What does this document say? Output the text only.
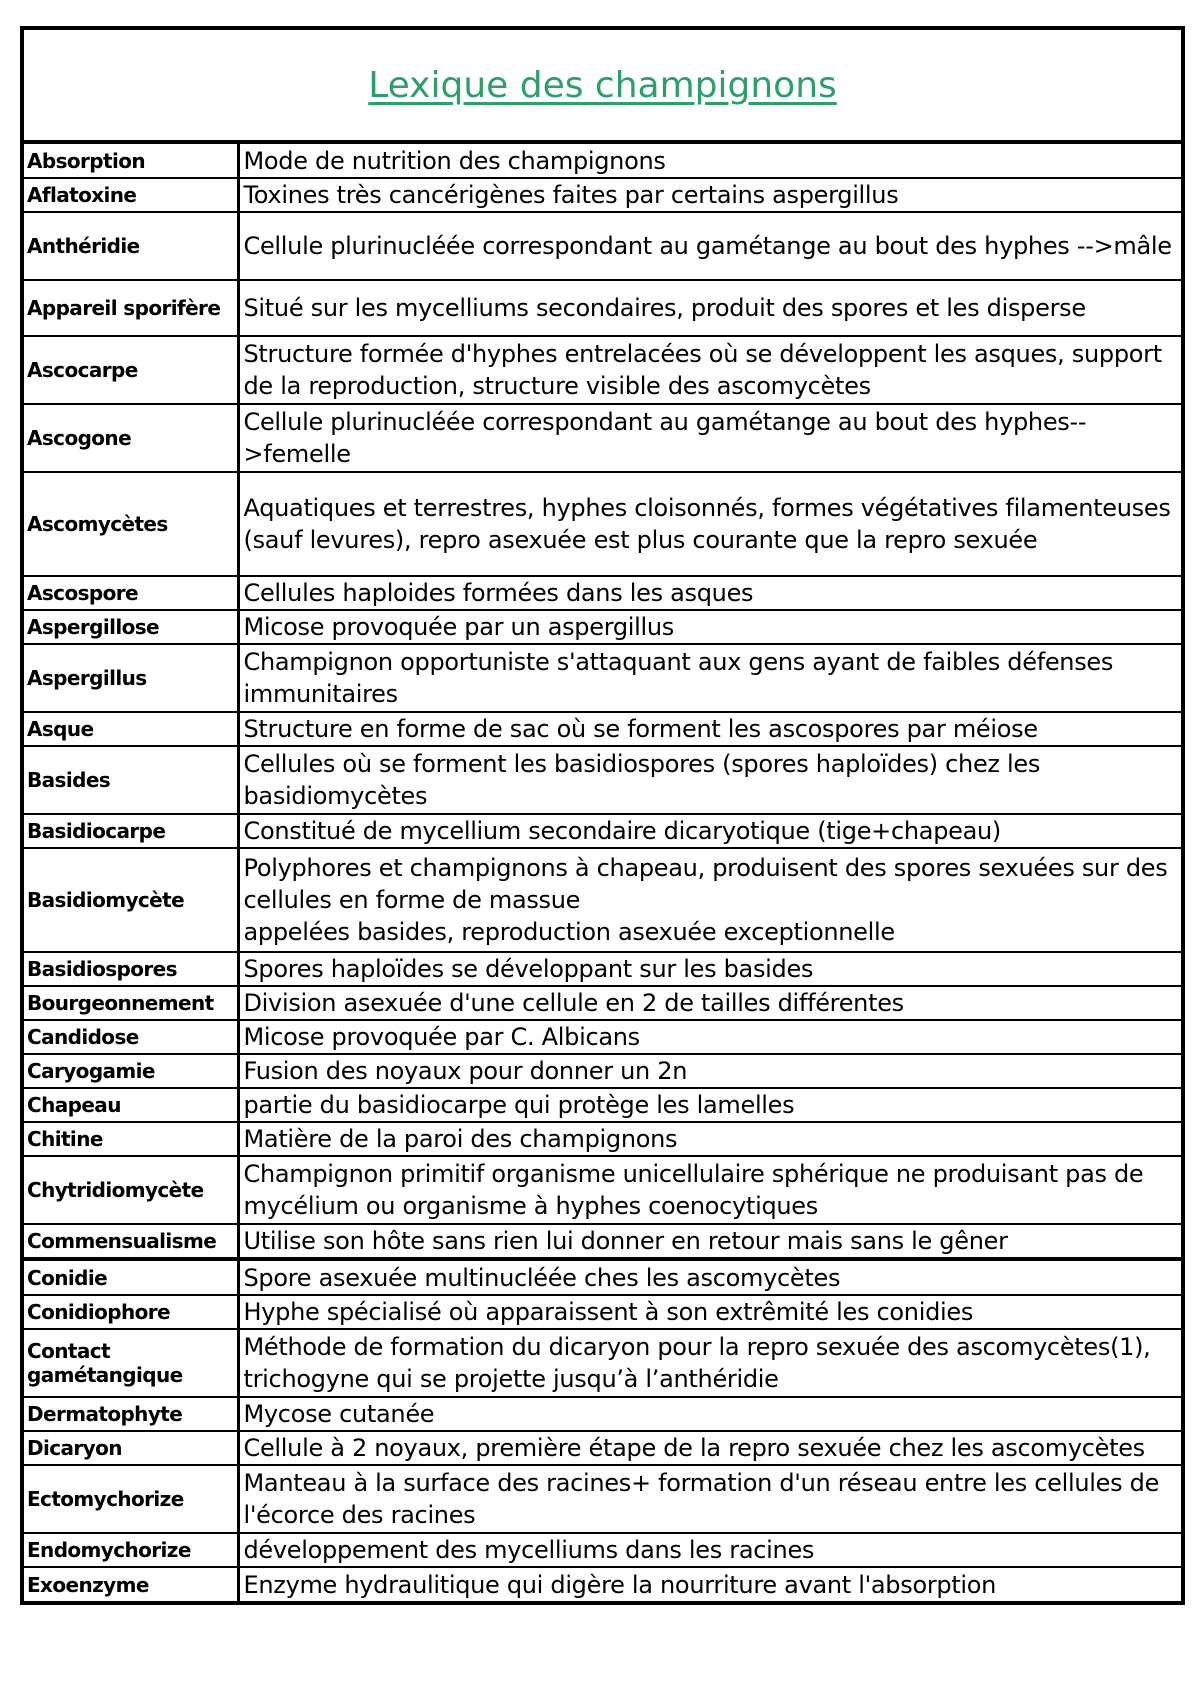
Lexique des champignons
Absorption	Mode de nutrition des champignons
Aflatoxine	Toxines très cancérigènes faites par certains aspergillus
Anthéridie	Cellule plurinucléée correspondant au gamétange au bout des hyphes -->mâle
Appareil sporifère	Situé sur les mycelliums secondaires, produit des spores et les disperse
Ascocarpe	Structure formée d'hyphes entrelacées où se développent les asques, support
de la reproduction, structure visible des ascomycètes
Ascogone	Cellule plurinucléée correspondant au gamétange au bout des hyphes--
>femelle
Ascomycètes	Aquatiques et terrestres, hyphes cloisonnés, formes végétatives filamenteuses
(sauf levures), repro asexuée est plus courante que la repro sexuée
Ascospore	Cellules haploides formées dans les asques
Aspergillose	Micose provoquée par un aspergillus
Aspergillus	Champignon opportuniste s'attaquant aux gens ayant de faibles défenses
immunitaires
Asque	Structure en forme de sac où se forment les ascospores par méiose
Basides	Cellules où se forment les basidiospores (spores haploïdes) chez les
basidiomycètes
Basidiocarpe	Constitué de mycellium secondaire dicaryotique (tige+chapeau)
Basidiomycète	Polyphores et champignons à chapeau, produisent des spores sexuées sur des
cellules en forme de massue
appelées basides, reproduction asexuée exceptionnelle
Basidiospores	Spores haploïdes se développant sur les basides
Bourgeonnement	Division asexuée d'une cellule en 2 de tailles différentes
Candidose	Micose provoquée par C. Albicans
Caryogamie	Fusion des noyaux pour donner un 2n
Chapeau	partie du basidiocarpe qui protège les lamelles
Chitine	Matière de la paroi des champignons
Chytridiomycète	Champignon primitif organisme unicellulaire sphérique ne produisant pas de
mycélium ou organisme à hyphes coenocytiques
Commensualisme	Utilise son hôte sans rien lui donner en retour mais sans le gêner
Conidie	Spore asexuée multinucléée ches les ascomycètes
Conidiophore	Hyphe spécialisé où apparaissent à son extrêmité les conidies
Contact
gamétangique	Méthode de formation du dicaryon pour la repro sexuée des ascomycètes(1),
trichogyne qui se projette jusqu’à l’anthéridie
Dermatophyte	Mycose cutanée
Dicaryon	Cellule à 2 noyaux, première étape de la repro sexuée chez les ascomycètes
Ectomychorize	Manteau à la surface des racines+ formation d'un réseau entre les cellules de
l'écorce des racines
Endomychorize	développement des mycelliums dans les racines
Exoenzyme	Enzyme hydraulitique qui digère la nourriture avant l'absorption
